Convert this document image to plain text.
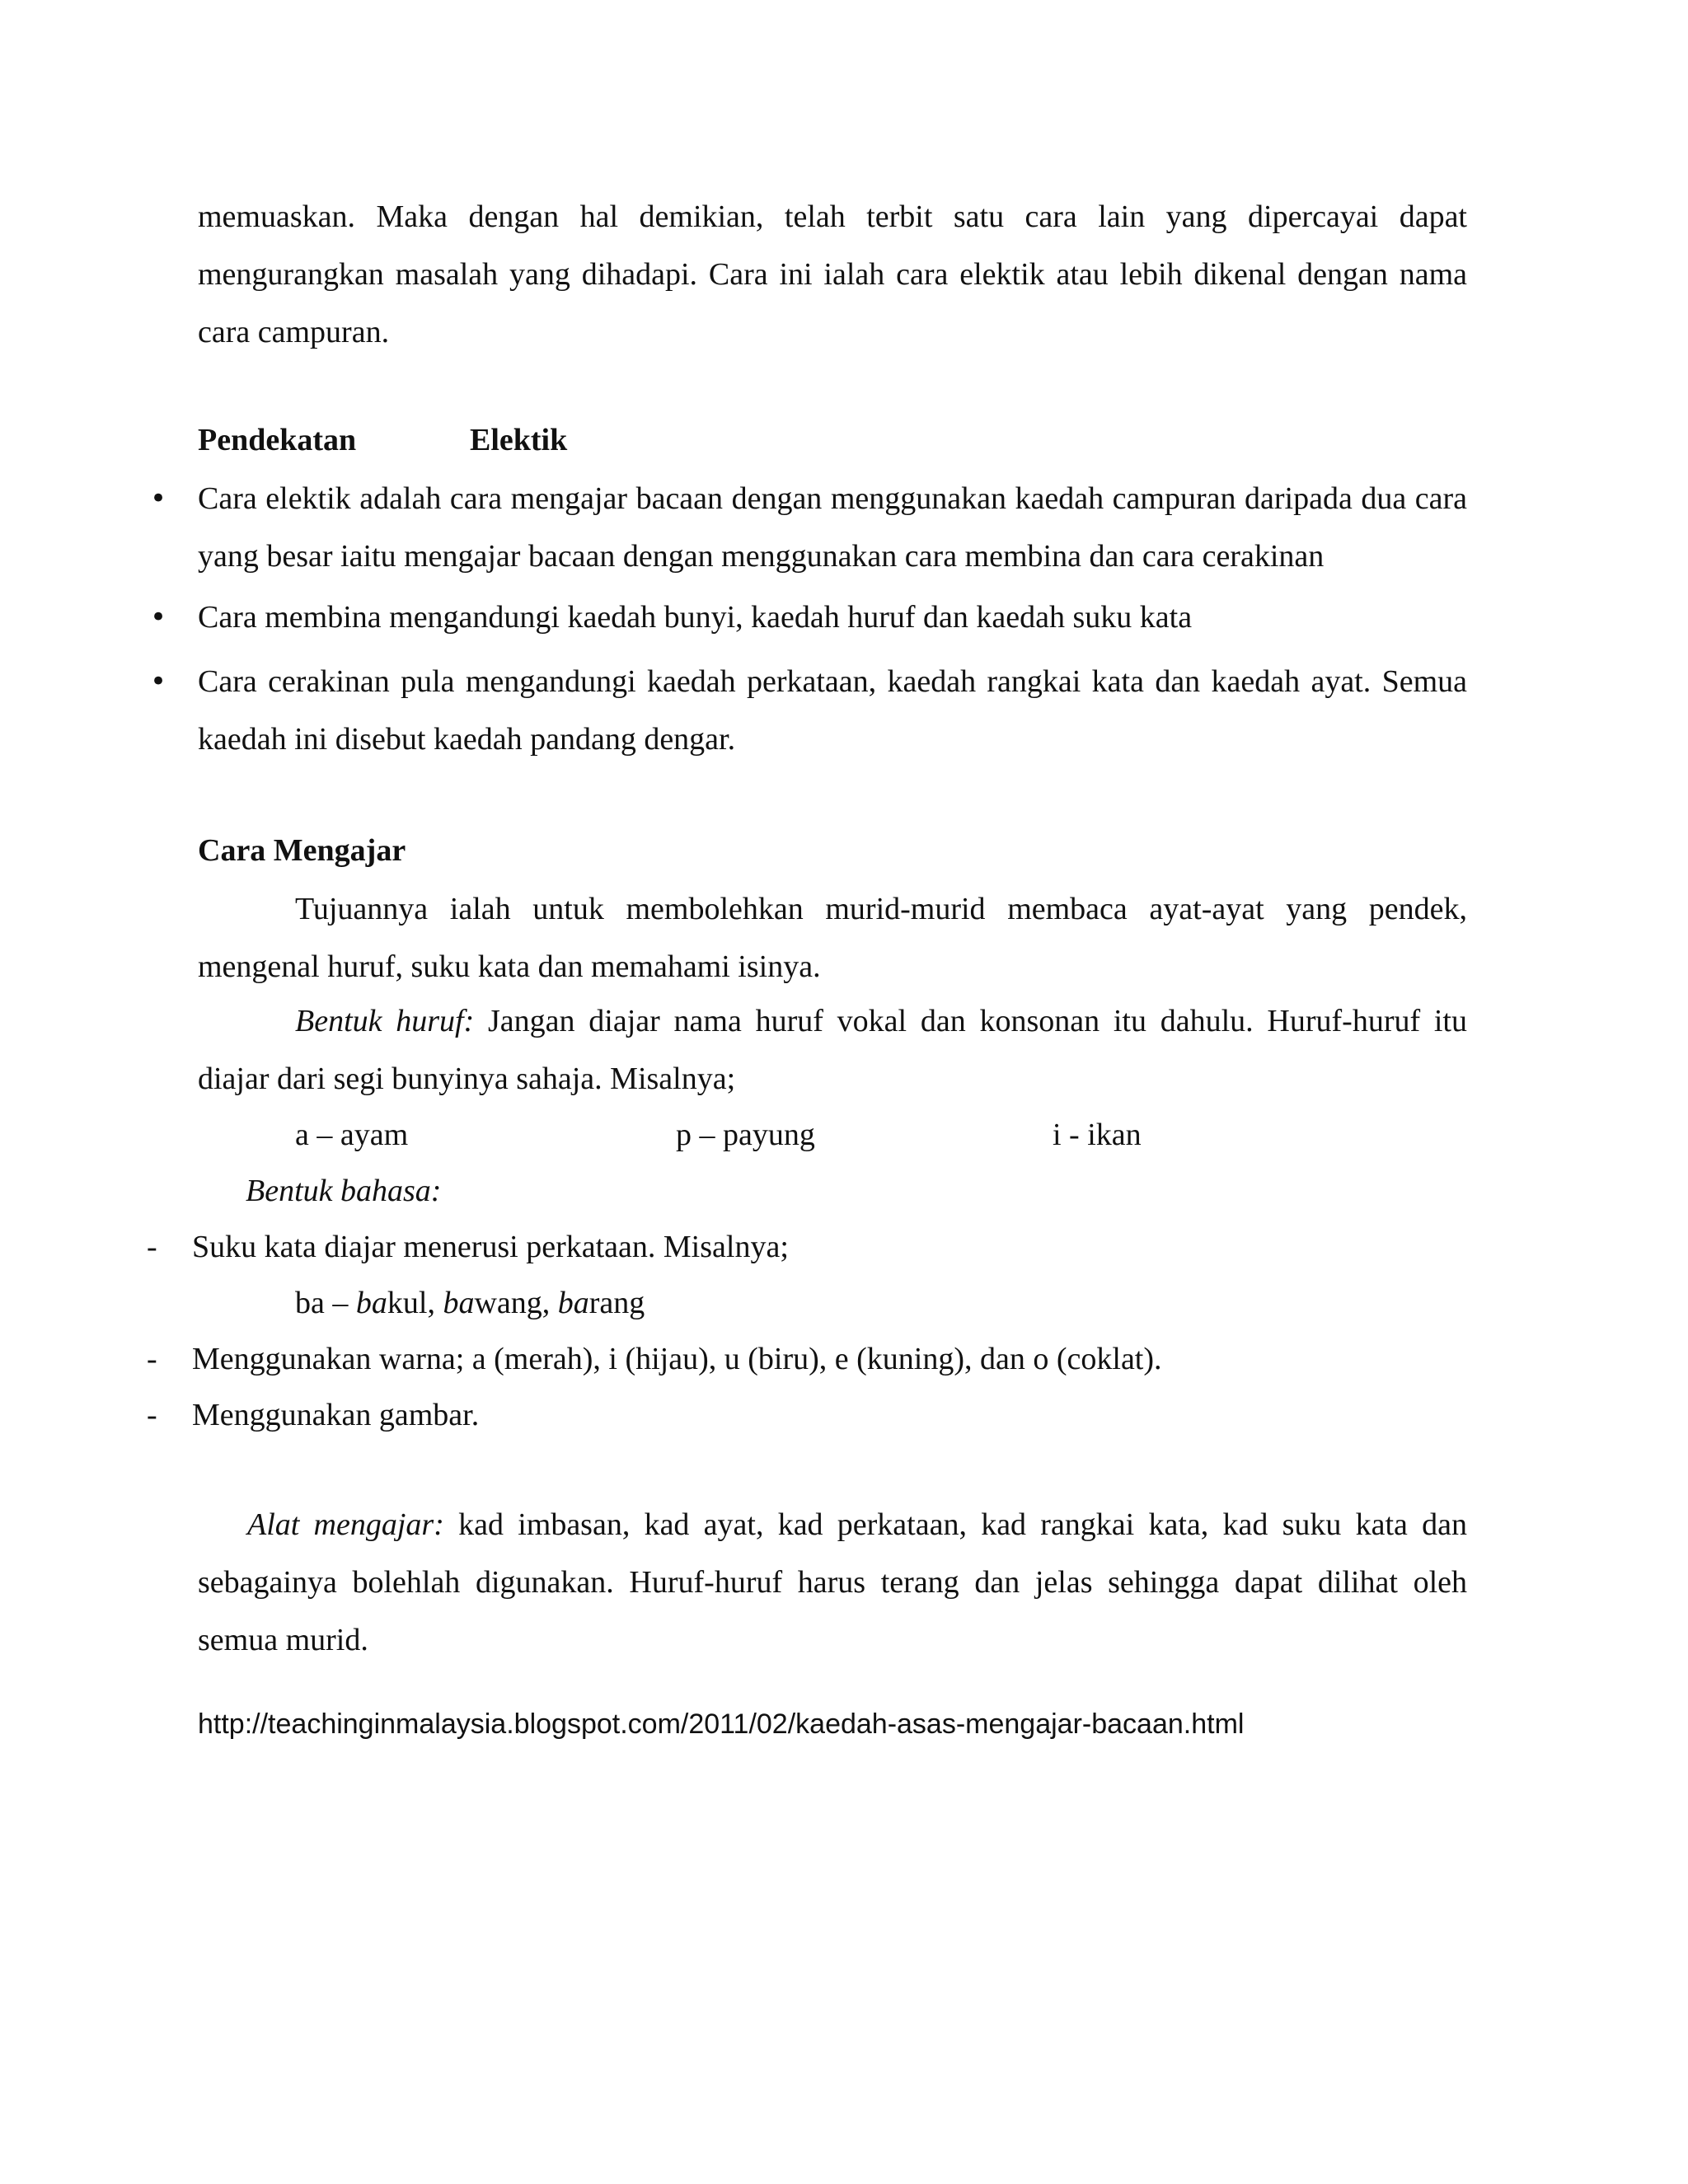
memuaskan. Maka dengan hal demikian, telah terbit satu cara lain yang dipercayai dapat mengurangkan masalah yang dihadapi. Cara ini ialah cara elektik atau lebih dikenal dengan nama cara campuran.

Pendekatan	Elektik
• Cara elektik adalah cara mengajar bacaan dengan menggunakan kaedah campuran daripada dua cara yang besar iaitu mengajar bacaan dengan menggunakan cara membina dan cara cerakinan

• Cara membina mengandungi kaedah bunyi, kaedah huruf dan kaedah suku kata

• Cara cerakinan pula mengandungi kaedah perkataan, kaedah rangkai kata dan kaedah ayat. Semua kaedah ini disebut kaedah pandang dengar.

Cara Mengajar

Tujuannya ialah untuk membolehkan murid-murid membaca ayat-ayat yang pendek, mengenal huruf, suku kata dan memahami isinya.

Bentuk huruf: Jangan diajar nama huruf vokal dan konsonan itu dahulu. Huruf-huruf itu diajar dari segi bunyinya sahaja. Misalnya;

a – ayam	p – payung	i - ikan
Bentuk bahasa:
- Suku kata diajar menerusi perkataan. Misalnya;
ba – bakul, bawang, barang
- Menggunakan warna; a (merah), i (hijau), u (biru), e (kuning), dan o (coklat).
- Menggunakan gambar.

Alat mengajar: kad imbasan, kad ayat, kad perkataan, kad rangkai kata, kad suku kata dan sebagainya bolehlah digunakan. Huruf-huruf harus terang dan jelas sehingga dapat dilihat oleh semua murid.

http://teachinginmalaysia.blogspot.com/2011/02/kaedah-asas-mengajar-bacaan.html
